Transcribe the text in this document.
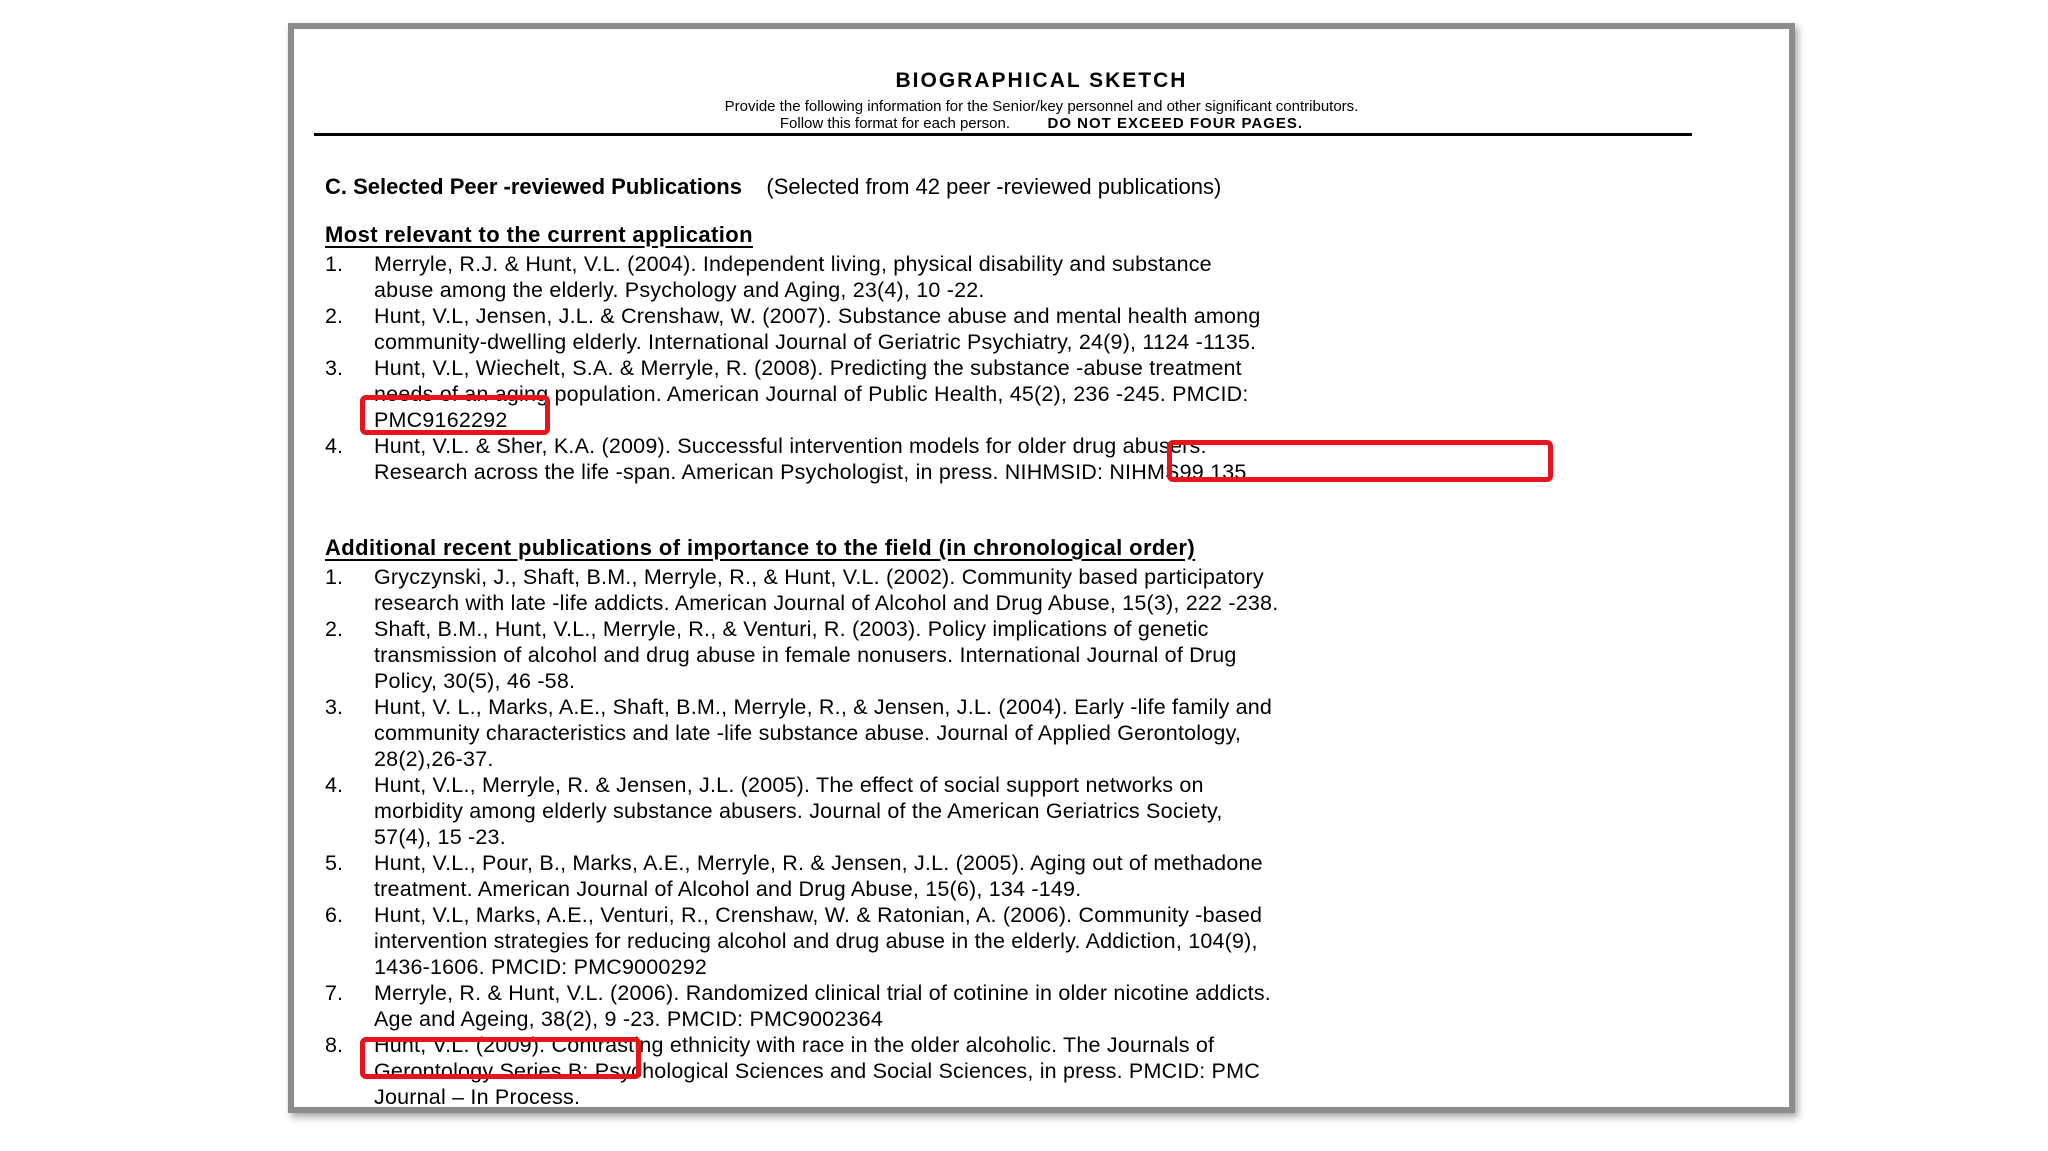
BIOGRAPHICAL SKETCH
Provide the following information for the Senior/key personnel and other significant contributors.
Follow this format for each person.	DO NOT EXCEED FOUR PAGES.
C. Selected Peer -reviewed Publications (Selected from 42 peer -reviewed publications)
Most relevant to the current application
1. Merryle, R.J. & Hunt, V.L. (2004). Independent living, physical disability and substance
abuse among the elderly. Psychology and Aging, 23(4), 10 -22.
2. Hunt, V.L, Jensen, J.L. & Crenshaw, W. (2007). Substance abuse and mental health among
community-dwelling elderly. International Journal of Geriatric Psychiatry, 24(9), 1124 -1135.
3. Hunt, V.L, Wiechelt, S.A. & Merryle, R. (2008). Predicting the substance -abuse treatment
needs of an aging population. American Journal of Public Health, 45(2), 236 -245. PMCID:
PMC9162292
4. Hunt, V.L. & Sher, K.A. (2009). Successful intervention models for older drug abusers:
Research across the life -span. American Psychologist, in press. NIHMSID: NIHMS99 135
Additional recent publications of importance to the field (in chronological order)
1. Gryczynski, J., Shaft, B.M., Merryle, R., & Hunt, V.L. (2002). Community based participatory
research with late -life addicts. American Journal of Alcohol and Drug Abuse, 15(3), 222 -238.
2. Shaft, B.M., Hunt, V.L., Merryle, R., & Venturi, R. (2003). Policy implications of genetic
transmission of alcohol and drug abuse in female nonusers. International Journal of Drug
Policy, 30(5), 46 -58.
3. Hunt, V. L., Marks, A.E., Shaft, B.M., Merryle, R., & Jensen, J.L. (2004). Early -life family and
community characteristics and late -life substance abuse. Journal of Applied Gerontology,
28(2),26-37.
4. Hunt, V.L., Merryle, R. & Jensen, J.L. (2005). The effect of social support networks on
morbidity among elderly substance abusers. Journal of the American Geriatrics Society,
57(4), 15 -23.
5. Hunt, V.L., Pour, B., Marks, A.E., Merryle, R. & Jensen, J.L. (2005). Aging out of methadone
treatment. American Journal of Alcohol and Drug Abuse, 15(6), 134 -149.
6. Hunt, V.L, Marks, A.E., Venturi, R., Crenshaw, W. & Ratonian, A. (2006). Community -based
intervention strategies for reducing alcohol and drug abuse in the elderly. Addiction, 104(9),
1436-1606. PMCID: PMC9000292
7. Merryle, R. & Hunt, V.L. (2006). Randomized clinical trial of cotinine in older nicotine addicts.
Age and Ageing, 38(2), 9 -23. PMCID: PMC9002364
8. Hunt, V.L. (2009). Contrasting ethnicity with race in the older alcoholic. The Journals of
Gerontology Series B: Psychological Sciences and Social Sciences, in press. PMCID: PMC
Journal – In Process.
